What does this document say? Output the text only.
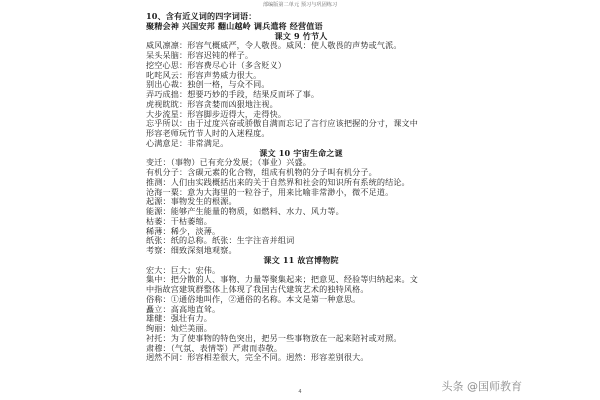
部编版第二单元 预习与巩固练习
10、含有近义词的四字词语：
聚精会神 兴国安邦 翻山越岭 调兵遣将 经营值语
课文 9 竹节人
威风凛凛：形容气概威严，令人敬畏。威风：使人敬畏的声势或气派。
呆头呆脑：形容迟钝的样子。
挖空心思：形容费尽心计（多含贬义）
叱咤风云：形容声势威力很大。
别出心裁：独创一格，与众不同。
弄巧成拙：想要巧妙的手段，结果反而坏了事。
虎视眈眈：形容贪婪而凶狠地注视。
大步流星：形容脚步迈得大，走得快。
忘乎所以：由于过度兴奋或骄傲自满而忘记了言行应该把握的分寸，课文中
形容老师玩竹节人时的入迷程度。
心满意足：非常满足。
课文 10 宇宙生命之谜
变迁：（事物）已有充分发展；（事业）兴盛。
有机分子：含碳元素的化合物，组成有机物的分子叫有机分子。
推测：人们由实践概括出来的关于自然界和社会的知识所有系统的结论。
沧海一粟：意为大海里的一粒谷子，用来比喻非常渺小，微不足道。
起源：事物发生的根源。
能源：能够产生能量的物质，如燃料、水力、风力等。
枯萎：干枯萎缩。
稀薄：稀少，淡薄。
纸张：纸的总称。纸张：生字注音并组词
考察：细致深刻地观察。
课文 11 故宫博物院
宏大：巨大；宏伟。
集中：把分散的人、事物、力量等聚集起来；把意见、经验等归纳起来。文
中指故宫建筑群整体上体现了我国古代建筑艺术的独特风格。
俗称：①通俗地叫作，②通俗的名称。本文是第一种意思。
矗立：高高地直耸。
雄健：强壮有力。
绚丽：灿烂美丽。
衬托：为了使事物的特色突出，把另一些事物放在一起来陪衬或对照。
肃穆：（气氛、表情等）严肃而恭敬。
迥然不同：形容相差很大，完全不同。迥然：形容差别很大。
4	头条 @国师教育
